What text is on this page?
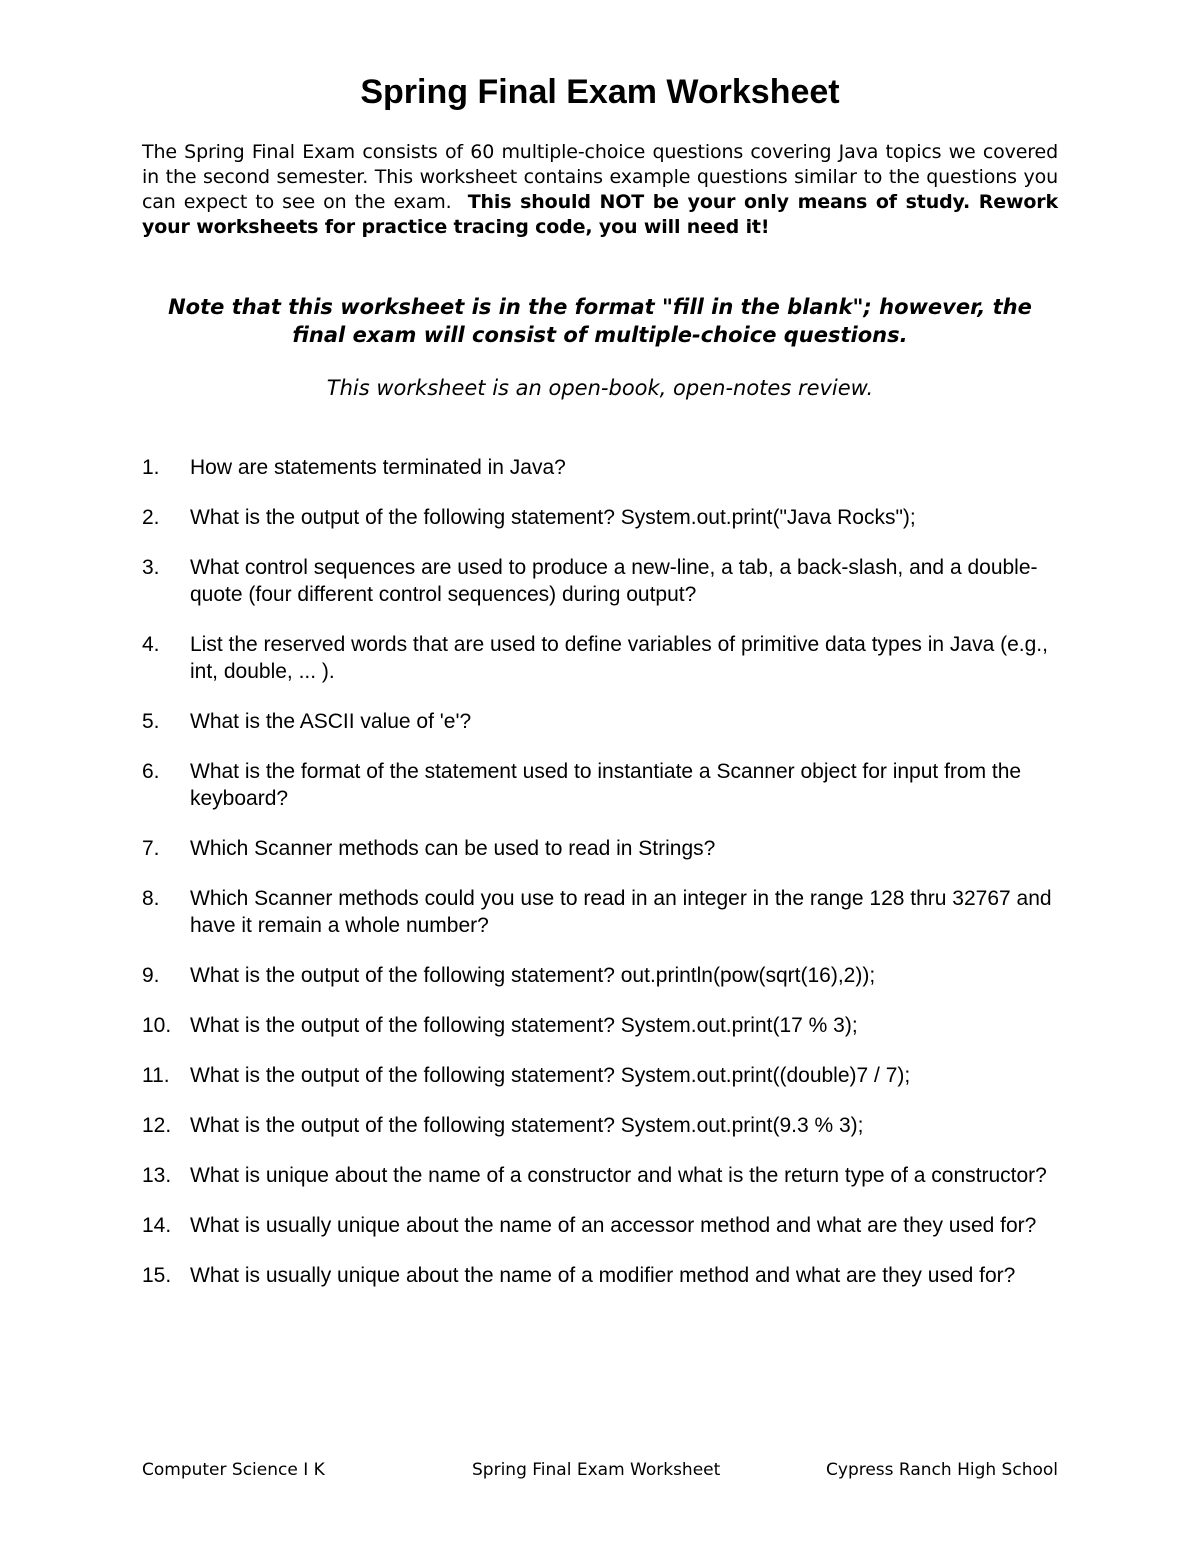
Spring Final Exam Worksheet
The Spring Final Exam consists of 60 multiple-choice questions covering Java topics we covered in the second semester. This worksheet contains example questions similar to the questions you can expect to see on the exam. This should NOT be your only means of study. Rework your worksheets for practice tracing code, you will need it!
Note that this worksheet is in the format "fill in the blank"; however, the final exam will consist of multiple-choice questions.
This worksheet is an open-book, open-notes review.
1.	How are statements terminated in Java?
2.	What is the output of the following statement? System.out.print("Java Rocks");
3.	What control sequences are used to produce a new-line, a tab, a back-slash, and a double-quote (four different control sequences) during output?
4.	List the reserved words that are used to define variables of primitive data types in Java (e.g., int, double, ... ).
5.	What is the ASCII value of 'e'?
6.	What is the format of the statement used to instantiate a Scanner object for input from the keyboard?
7.	Which Scanner methods can be used to read in Strings?
8.	Which Scanner methods could you use to read in an integer in the range 128 thru 32767 and have it remain a whole number?
9.	What is the output of the following statement? out.println(pow(sqrt(16),2));
10. What is the output of the following statement? System.out.print(17 % 3);
11. What is the output of the following statement? System.out.print((double)7 / 7);
12. What is the output of the following statement? System.out.print(9.3 % 3);
13. What is unique about the name of a constructor and what is the return type of a constructor?
14. What is usually unique about the name of an accessor method and what are they used for?
15. What is usually unique about the name of a modifier method and what are they used for?
Computer Science I K	Spring Final Exam Worksheet	Cypress Ranch High School
